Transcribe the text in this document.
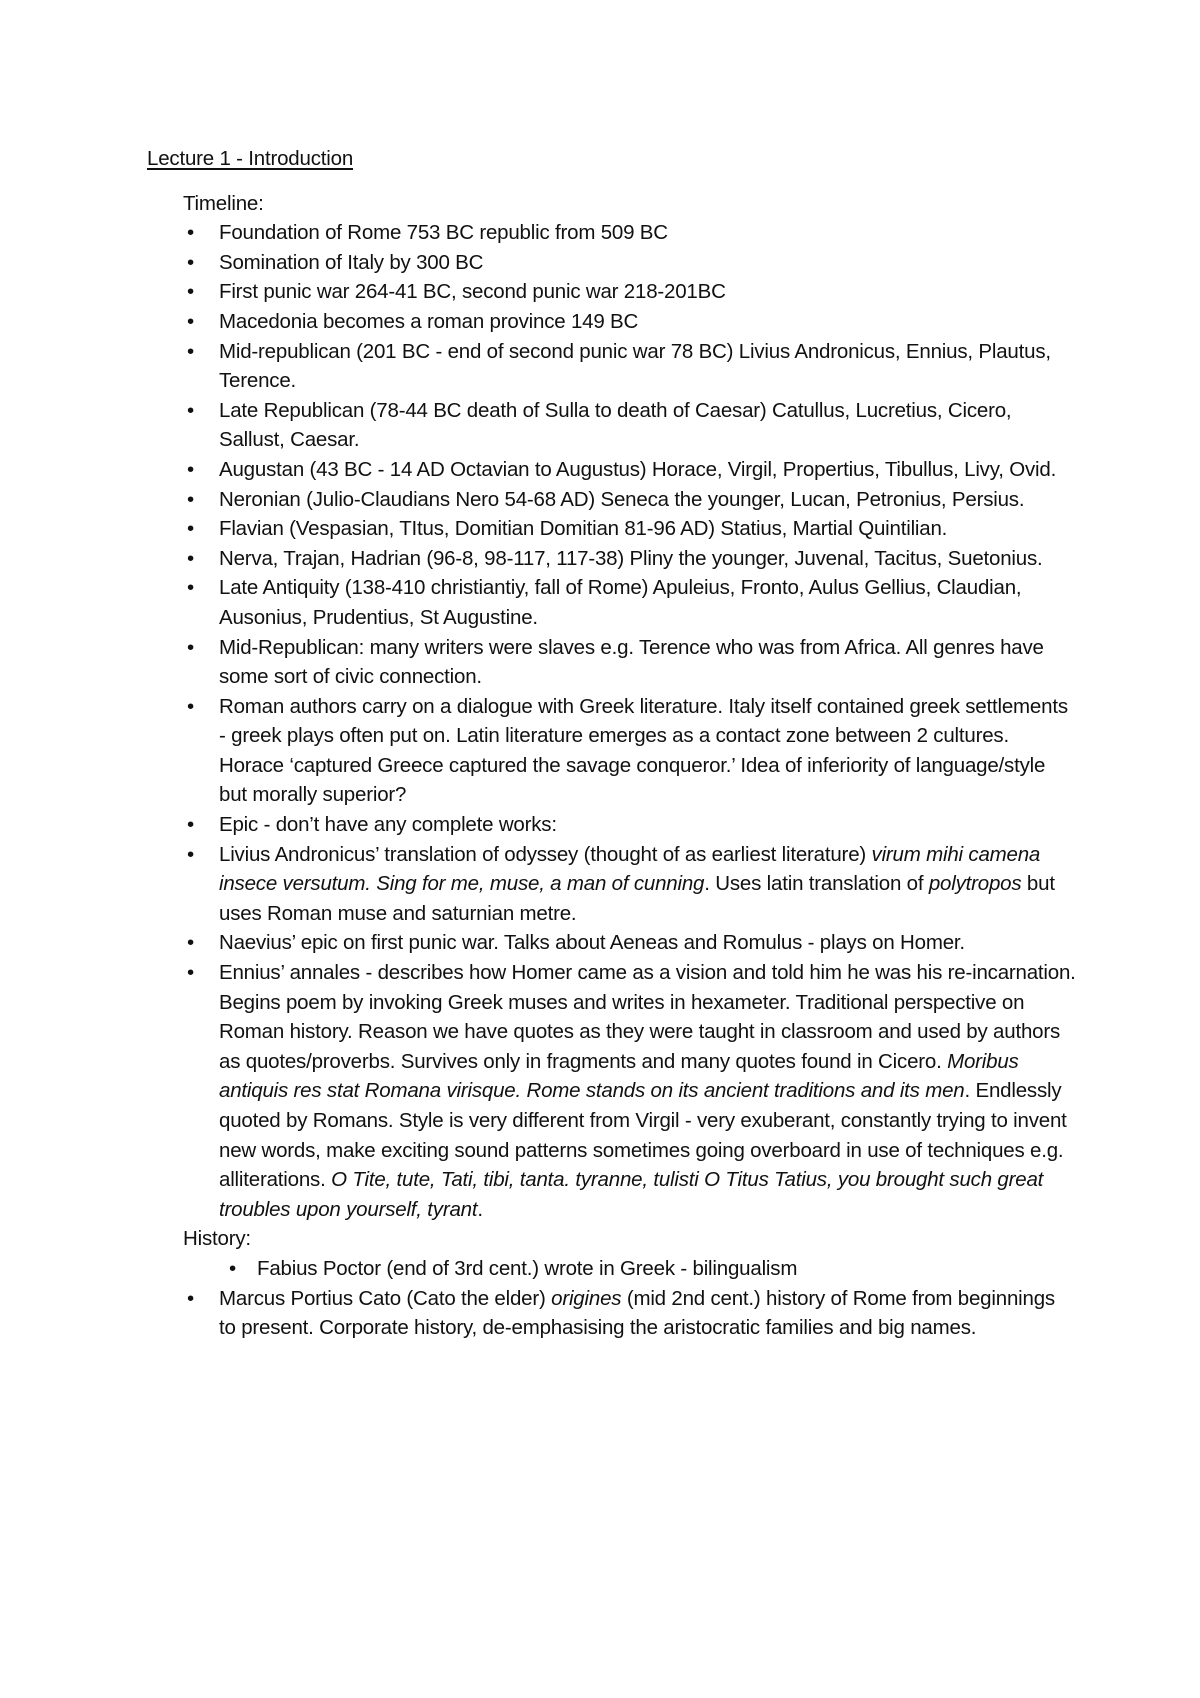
Lecture 1 - Introduction
Timeline:
• Foundation of Rome 753 BC republic from 509 BC
• Somination of Italy by 300 BC
• First punic war 264-41 BC, second punic war 218-201BC
• Macedonia becomes a roman province 149 BC
• Mid-republican (201 BC - end of second punic war 78 BC) Livius Andronicus, Ennius, Plautus, Terence.
• Late Republican (78-44 BC death of Sulla to death of Caesar) Catullus, Lucretius, Cicero, Sallust, Caesar.
• Augustan (43 BC - 14 AD Octavian to Augustus) Horace, Virgil, Propertius, Tibullus, Livy, Ovid.
• Neronian (Julio-Claudians Nero 54-68 AD) Seneca the younger, Lucan, Petronius, Persius.
• Flavian (Vespasian, TItus, Domitian Domitian 81-96 AD) Statius, Martial Quintilian.
• Nerva, Trajan, Hadrian (96-8, 98-117, 117-38) Pliny the younger, Juvenal, Tacitus, Suetonius.
• Late Antiquity (138-410 christiantiy, fall of Rome) Apuleius, Fronto, Aulus Gellius, Claudian, Ausonius, Prudentius, St Augustine.
• Mid-Republican: many writers were slaves e.g. Terence who was from Africa. All genres have some sort of civic connection.
• Roman authors carry on a dialogue with Greek literature. Italy itself contained greek settlements - greek plays often put on. Latin literature emerges as a contact zone between 2 cultures. Horace ‘captured Greece captured the savage conqueror.’ Idea of inferiority of language/style but morally superior?
• Epic - don’t have any complete works:
• Livius Andronicus’ translation of odyssey (thought of as earliest literature) virum mihi camena insece versutum. Sing for me, muse, a man of cunning. Uses latin translation of polytropos but uses Roman muse and saturnian metre.
• Naevius’ epic on first punic war. Talks about Aeneas and Romulus - plays on Homer.
• Ennius’ annales - describes how Homer came as a vision and told him he was his re-incarnation. Begins poem by invoking Greek muses and writes in hexameter. Traditional perspective on Roman history. Reason we have quotes as they were taught in classroom and used by authors as quotes/proverbs. Survives only in fragments and many quotes found in Cicero. Moribus antiquis res stat Romana virisque. Rome stands on its ancient traditions and its men. Endlessly quoted by Romans. Style is very different from Virgil - very exuberant, constantly trying to invent new words, make exciting sound patterns sometimes going overboard in use of techniques e.g. alliterations. O Tite, tute, Tati, tibi, tanta. tyranne, tulisti O Titus Tatius, you brought such great troubles upon yourself, tyrant.
History:
• Fabius Poctor (end of 3rd cent.) wrote in Greek - bilingualism
• Marcus Portius Cato (Cato the elder) origines (mid 2nd cent.) history of Rome from beginnings to present. Corporate history, de-emphasising the aristocratic families and big names.
